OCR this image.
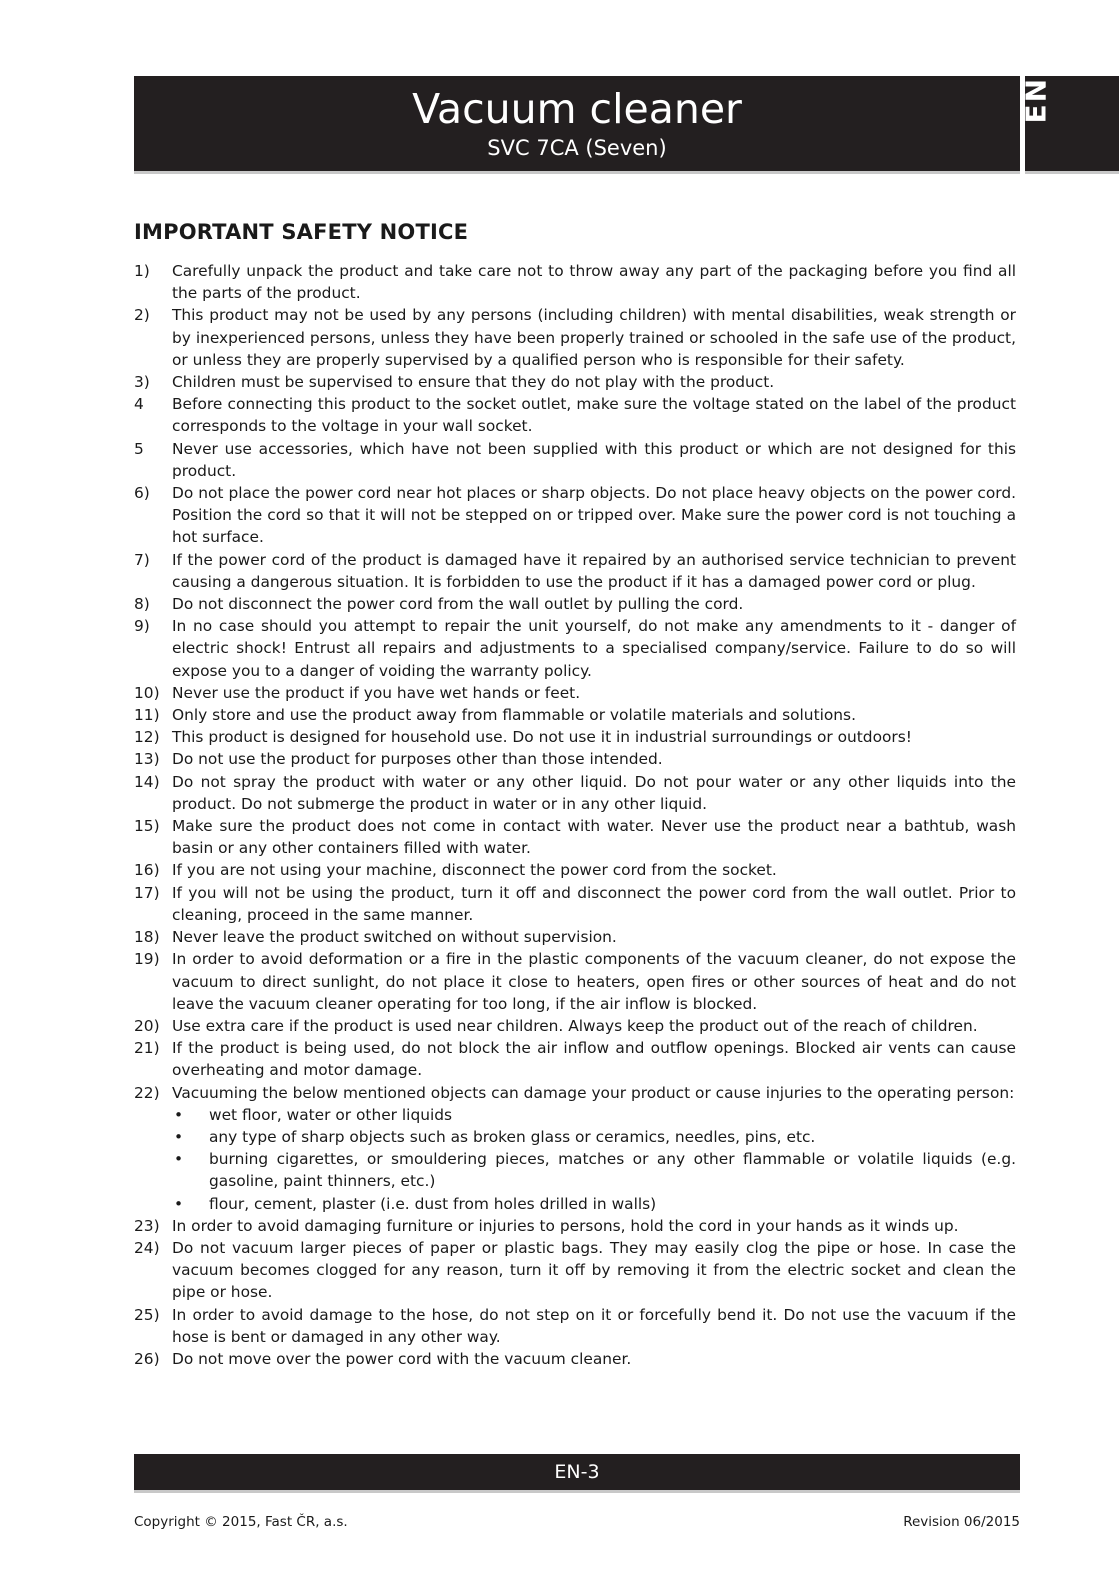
Vacuum cleaner
SVC 7CA (Seven)
EN
IMPORTANT SAFETY NOTICE
1) Carefully unpack the product and take care not to throw away any part of the packaging before you find all the parts of the product.
2) This product may not be used by any persons (including children) with mental disabilities, weak strength or by inexperienced persons, unless they have been properly trained or schooled in the safe use of the product, or unless they are properly supervised by a qualified person who is responsible for their safety.
3) Children must be supervised to ensure that they do not play with the product.
4 Before connecting this product to the socket outlet, make sure the voltage stated on the label of the product corresponds to the voltage in your wall socket.
5 Never use accessories, which have not been supplied with this product or which are not designed for this product.
6) Do not place the power cord near hot places or sharp objects. Do not place heavy objects on the power cord. Position the cord so that it will not be stepped on or tripped over. Make sure the power cord is not touching a hot surface.
7) If the power cord of the product is damaged have it repaired by an authorised service technician to prevent causing a dangerous situation. It is forbidden to use the product if it has a damaged power cord or plug.
8) Do not disconnect the power cord from the wall outlet by pulling the cord.
9) In no case should you attempt to repair the unit yourself, do not make any amendments to it - danger of electric shock! Entrust all repairs and adjustments to a specialised company/service. Failure to do so will expose you to a danger of voiding the warranty policy.
10) Never use the product if you have wet hands or feet.
11) Only store and use the product away from flammable or volatile materials and solutions.
12) This product is designed for household use. Do not use it in industrial surroundings or outdoors!
13) Do not use the product for purposes other than those intended.
14) Do not spray the product with water or any other liquid. Do not pour water or any other liquids into the product. Do not submerge the product in water or in any other liquid.
15) Make sure the product does not come in contact with water. Never use the product near a bathtub, wash basin or any other containers filled with water.
16) If you are not using your machine, disconnect the power cord from the socket.
17) If you will not be using the product, turn it off and disconnect the power cord from the wall outlet. Prior to cleaning, proceed in the same manner.
18) Never leave the product switched on without supervision.
19) In order to avoid deformation or a fire in the plastic components of the vacuum cleaner, do not expose the vacuum to direct sunlight, do not place it close to heaters, open fires or other sources of heat and do not leave the vacuum cleaner operating for too long, if the air inflow is blocked.
20) Use extra care if the product is used near children. Always keep the product out of the reach of children.
21) If the product is being used, do not block the air inflow and outflow openings. Blocked air vents can cause overheating and motor damage.
22) Vacuuming the below mentioned objects can damage your product or cause injuries to the operating person:
• wet floor, water or other liquids
• any type of sharp objects such as broken glass or ceramics, needles, pins, etc.
• burning cigarettes, or smouldering pieces, matches or any other flammable or volatile liquids (e.g. gasoline, paint thinners, etc.)
• flour, cement, plaster (i.e. dust from holes drilled in walls)
23) In order to avoid damaging furniture or injuries to persons, hold the cord in your hands as it winds up.
24) Do not vacuum larger pieces of paper or plastic bags. They may easily clog the pipe or hose. In case the vacuum becomes clogged for any reason, turn it off by removing it from the electric socket and clean the pipe or hose.
25) In order to avoid damage to the hose, do not step on it or forcefully bend it. Do not use the vacuum if the hose is bent or damaged in any other way.
26) Do not move over the power cord with the vacuum cleaner.
EN-3
Copyright © 2015, Fast ČR, a.s.	Revision 06/2015
